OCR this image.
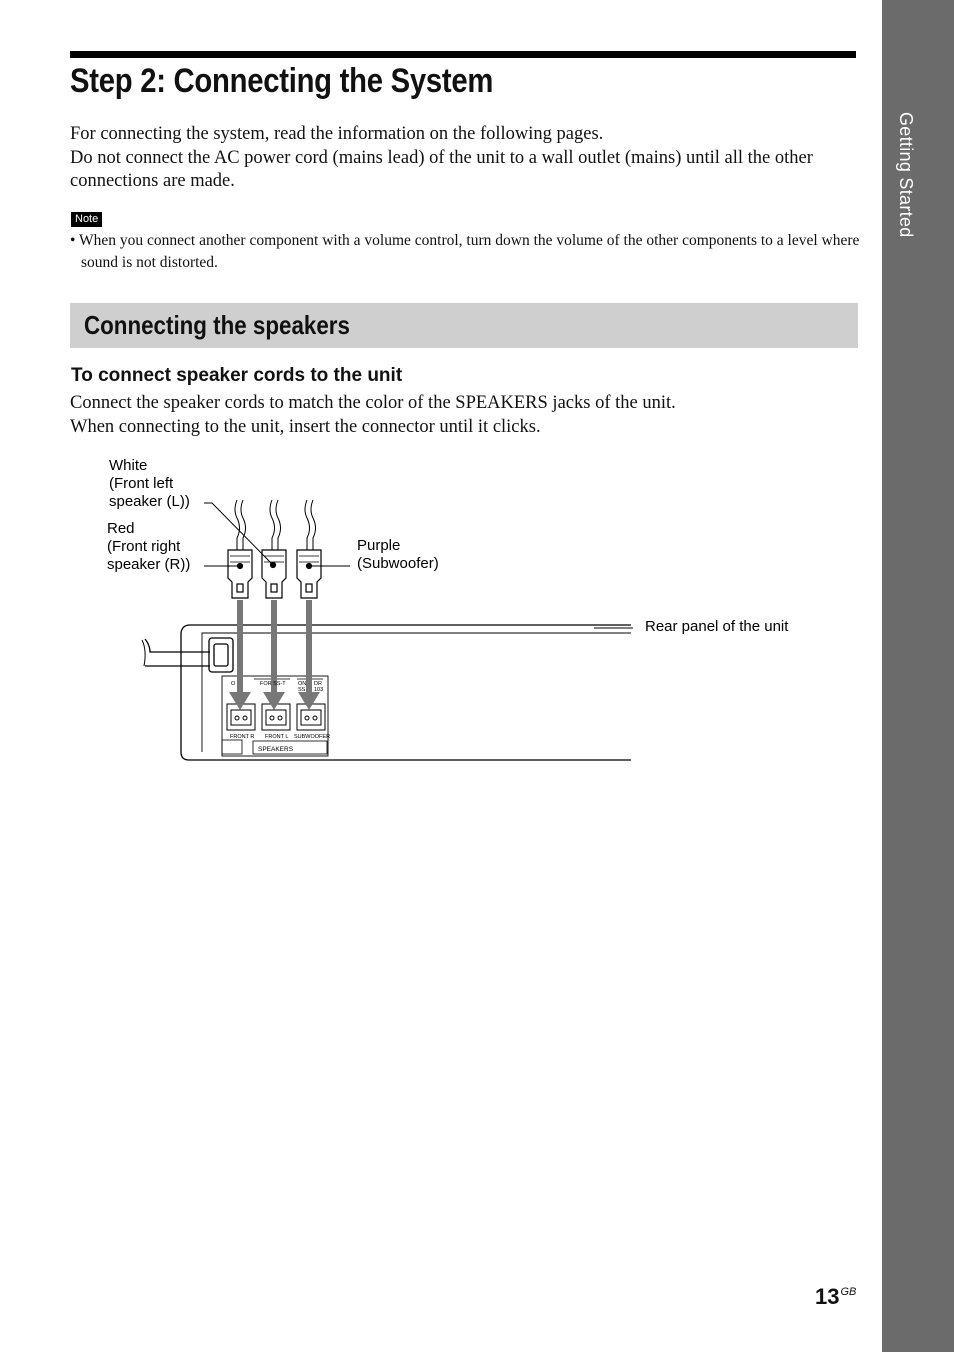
Getting Started
Step 2: Connecting the System

For connecting the system, read the information on the following pages.

Do not connect the AC power cord (mains lead) of the unit to a wall outlet (mains) until all the other connections are made.

Note
• When you connect another component with a volume control, turn down the volume of the other components to a level where sound is not distorted.
Connecting the speakers
To connect speaker cords to the unit

Connect the speaker cords to match the color of the SPEAKERS jacks of the unit.

When connecting to the unit, insert the connector until it clicks.

O	FOR SS-T ON DR
SS 103
FRONT R FRONT L SUBWOOFER
SPEAKERS
White
(Front left
speaker (L))
Red
(Front right
speaker (R))
Purple
(Subwoofer)
Rear panel of the unit
$13^{GB}$
